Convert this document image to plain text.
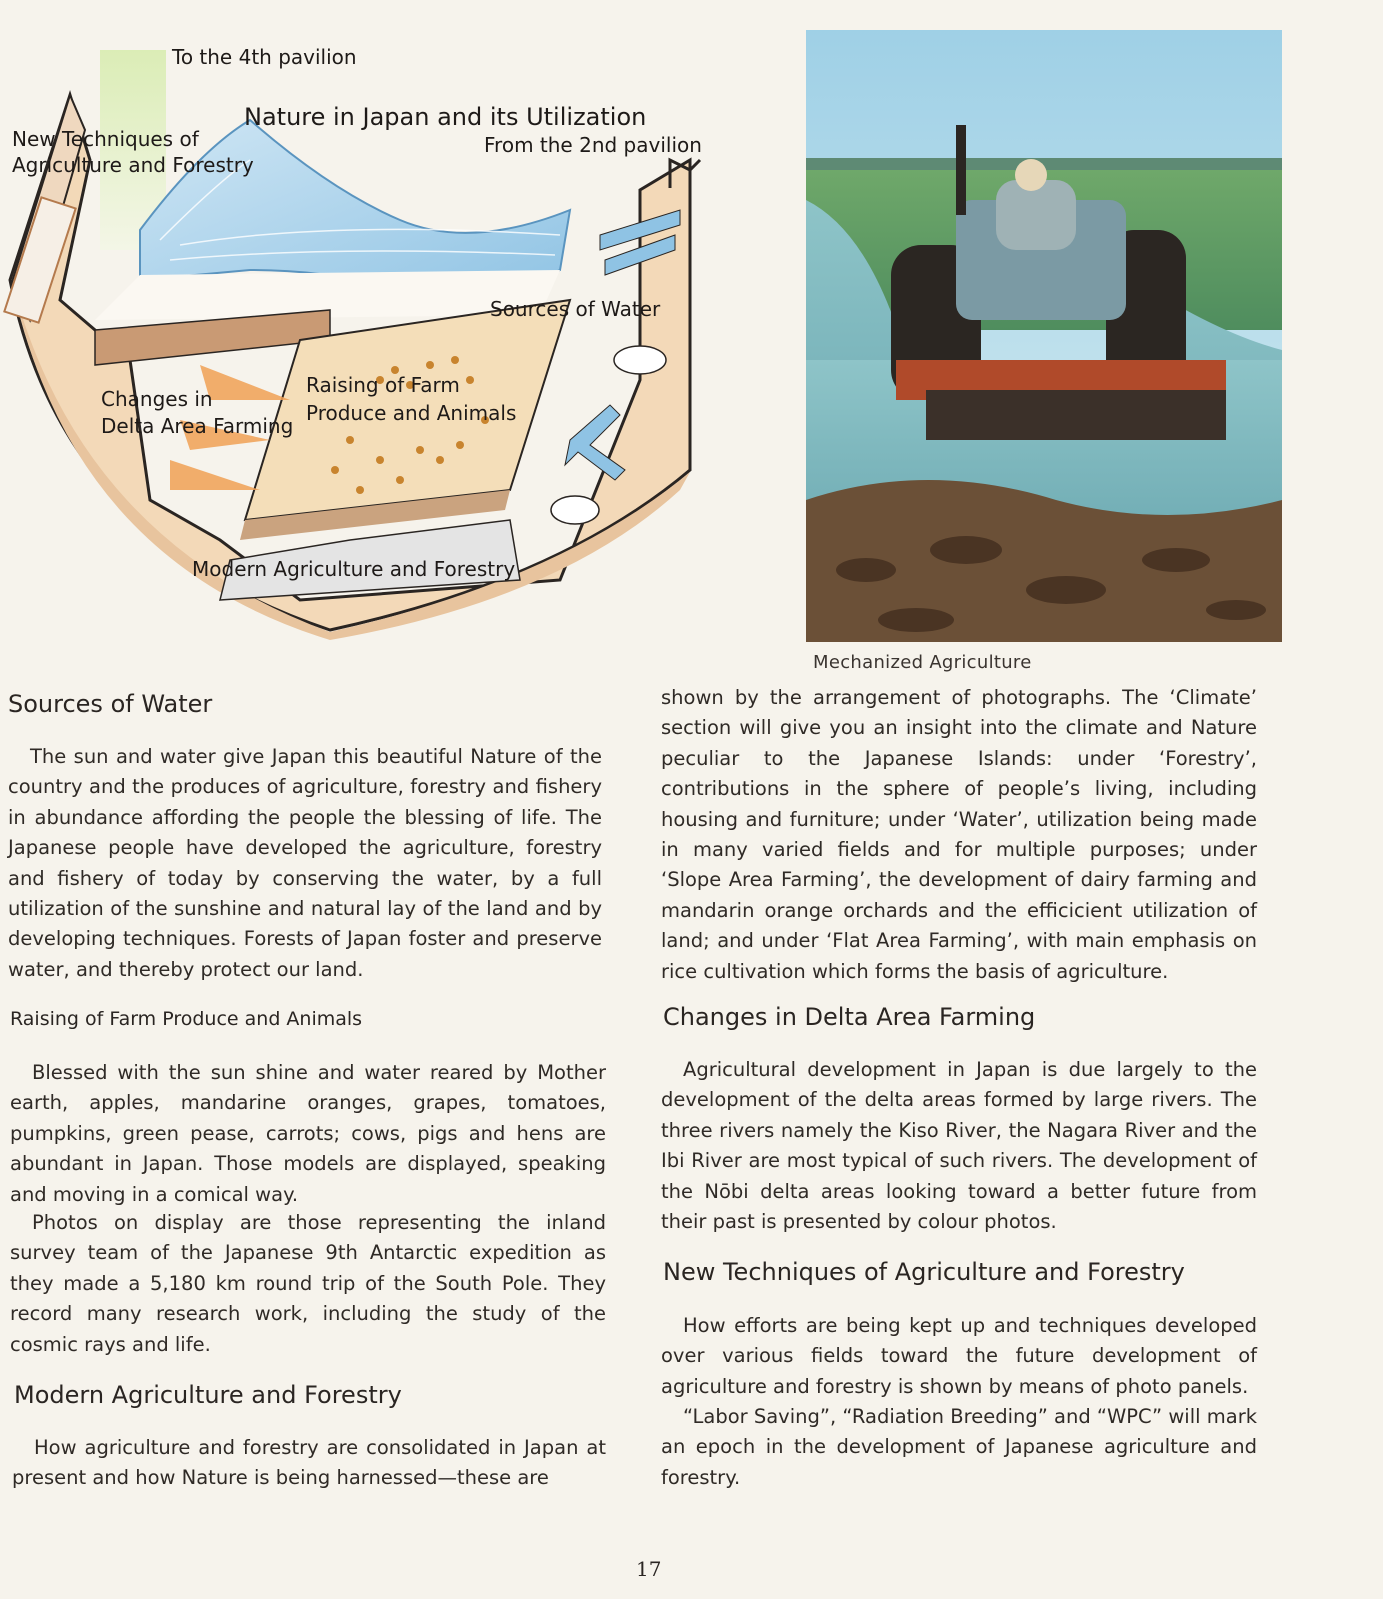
To the 4th pavilion
Nature in Japan and its Utilization
From the 2nd pavilion
New Techniques of
Agriculture and Forestry
Sources of Water
Raising of Farm
Produce and Animals
Changes in
Delta Area Farming
Modern Agriculture and Forestry
Mechanized Agriculture
Sources of Water

The sun and water give Japan this beautiful Nature of the country and the produces of agriculture, forestry and fishery in abundance affording the people the blessing of life. The Japanese people have developed the agriculture, forestry and fishery of today by conserving the water, by a full utilization of the sunshine and natural lay of the land and by developing techniques. Forests of Japan foster and preserve water, and thereby protect our land.

Raising of Farm Produce and Animals

Blessed with the sun shine and water reared by Mother earth, apples, mandarine oranges, grapes, tomatoes, pumpkins, green pease, carrots; cows, pigs and hens are abundant in Japan. Those models are displayed, speaking and moving in a comical way.

Photos on display are those representing the inland survey team of the Japanese 9th Antarctic expedition as they made a 5,180 km round trip of the South Pole. They record many research work, including the study of the cosmic rays and life.

Modern Agriculture and Forestry

How agriculture and forestry are consolidated in Japan at present and how Nature is being harnessed—these are

shown by the arrangement of photographs. The ‘Climate’ section will give you an insight into the climate and Nature peculiar to the Japanese Islands: under ‘Forestry’, contributions in the sphere of people’s living, including housing and furniture; under ‘Water’, utilization being made in many varied fields and for multiple purposes; under ‘Slope Area Farming’, the development of dairy farming and mandarin orange orchards and the efficicient utilization of land; and under ‘Flat Area Farming’, with main emphasis on rice cultivation which forms the basis of agriculture.

Changes in Delta Area Farming

Agricultural development in Japan is due largely to the development of the delta areas formed by large rivers. The three rivers namely the Kiso River, the Nagara River and the Ibi River are most typical of such rivers. The development of the Nōbi delta areas looking toward a better future from their past is presented by colour photos.

New Techniques of Agriculture and Forestry

How efforts are being kept up and techniques developed over various fields toward the future development of agriculture and forestry is shown by means of photo panels.

“Labor Saving”, “Radiation Breeding” and “WPC” will mark an epoch in the development of Japanese agriculture and forestry.

17
